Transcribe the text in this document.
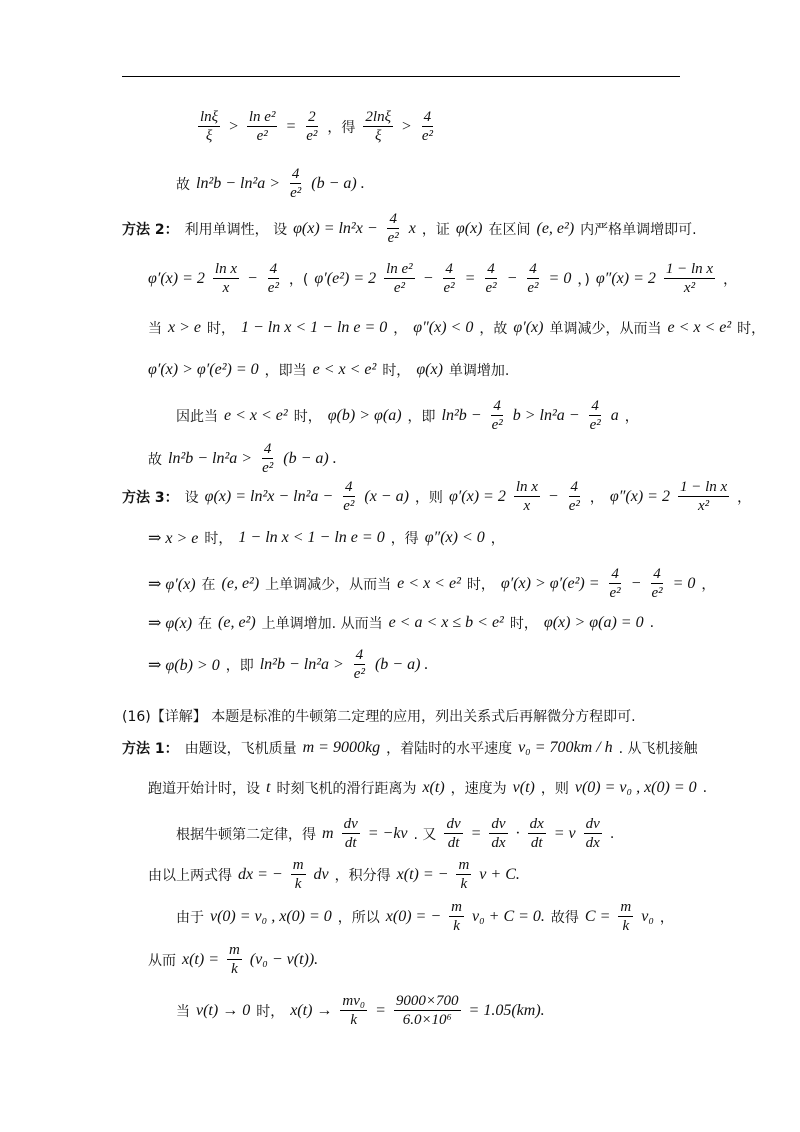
$\frac{\ln\xi}{\xi} > \frac{\text{ln e²}}{\text{e²}} = \frac{2}{\text{e²}}$ ，得 $\frac{2\ln\xi}{\xi} > \frac{4}{\text{e²}}$
故 $\ln^2b - \ln^2a > \frac{4}{\text{e²}} (b - a)$ .
方法 2： 利用单调性， 设 $\varphi(x) = \ln^2x - \frac{4}{\text{e²}}$ x ，证 φ(x) 在区间 (e, e²) 内严格单调增即可.
$\varphi'(x) = 2 \frac{\text{ln x}}{x} - \frac{4}{\text{e²}}$ ，( $\varphi'(e^2) = 2 \frac{\text{ln e²}}{\text{e²}} - \frac{4}{\text{e²}} = \frac{4}{\text{e²}} - \frac{4}{\text{e²}} = 0$ ，) $\varphi''(x) = 2 \frac{\text{1 − ln x}}{\text{x²}}$ ，
当 x > e 时， 1 − ln x < 1 − ln e = 0 ， φ″(x) < 0 ，故 φ′(x) 单调减少，从而当 e < x < e² 时，
φ′(x) > φ′(e²) = 0 ，即当 e < x < e² 时， φ(x) 单调增加.
因此当 e < x < e² 时， φ(b) > φ(a) ，即 $\ln^2b - \frac{4}{\text{e²}}$ $b > \ln^2a - \frac{4}{\text{e²}}$ a ，
故 $\ln^2b - \ln^2a > \frac{4}{\text{e²}} (b - a)$ .
方法 3： 设 $\varphi(x) = \ln^2x - \ln^2a - \frac{4}{\text{e²}} (x - a)$ ，则 $\varphi'(x) = 2 \frac{\text{ln x}}{x} - \frac{4}{\text{e²}}$ ， $\varphi''(x) = 2 \frac{\text{1 − ln x}}{\text{x²}}$ ，
⇒ x > e 时， 1 − ln x < 1 − ln e = 0 ，得 φ″(x) < 0 ，
⇒ φ′(x) 在 (e, e²) 上单调减少，从而当 e < x < e² 时， $\varphi'(x) > \varphi'(e^2) = \frac{4}{\text{e²}} - \frac{4}{\text{e²}} = 0$ ，
⇒ φ(x) 在 (e, e²) 上单调增加. 从而当 e < a < x ≤ b < e² 时， φ(x) > φ(a) = 0 .
⇒ φ(b) > 0 ，即 $\ln^2b - \ln^2a > \frac{4}{\text{e²}} (b - a)$ .
(16)【详解】 本题是标准的牛顿第二定理的应用，列出关系式后再解微分方程即可.
方法 1： 由题设，飞机质量 m = 9000kg ，着陆时的水平速度 v₀ = 700km / h . 从飞机接触
跑道开始计时，设 t 时刻飞机的滑行距离为 x(t) ，速度为 v(t) ，则 v(0) = v₀ , x(0) = 0 .
根据牛顿第二定律，得 m $\frac{dv}{dt} = -kv$ . 又 $\frac{dv}{dt} = \frac{dv}{dx} \cdot \frac{dx}{dt} = v \frac{dv}{dx}$ .
由以上两式得 dx = − $\frac{m}{k}$ dv ，积分得 x(t) = − $\frac{m}{k}$ v + C.
由于 v(0) = v₀ , x(0) = 0 ，所以 x(0) = − $\frac{m}{k} v_0 + C = 0$. 故得 $C = \frac{m}{k} v_0$ ，
从而 $x(t) = \frac{m}{k} (v_0 - v(t))$.
当 v(t) → 0 时， $x(t) \to \frac{\text{mv₀}}{k} = \frac{9000\times 700}{\text{6.0×10⁶}} = 1.05(km)$.
